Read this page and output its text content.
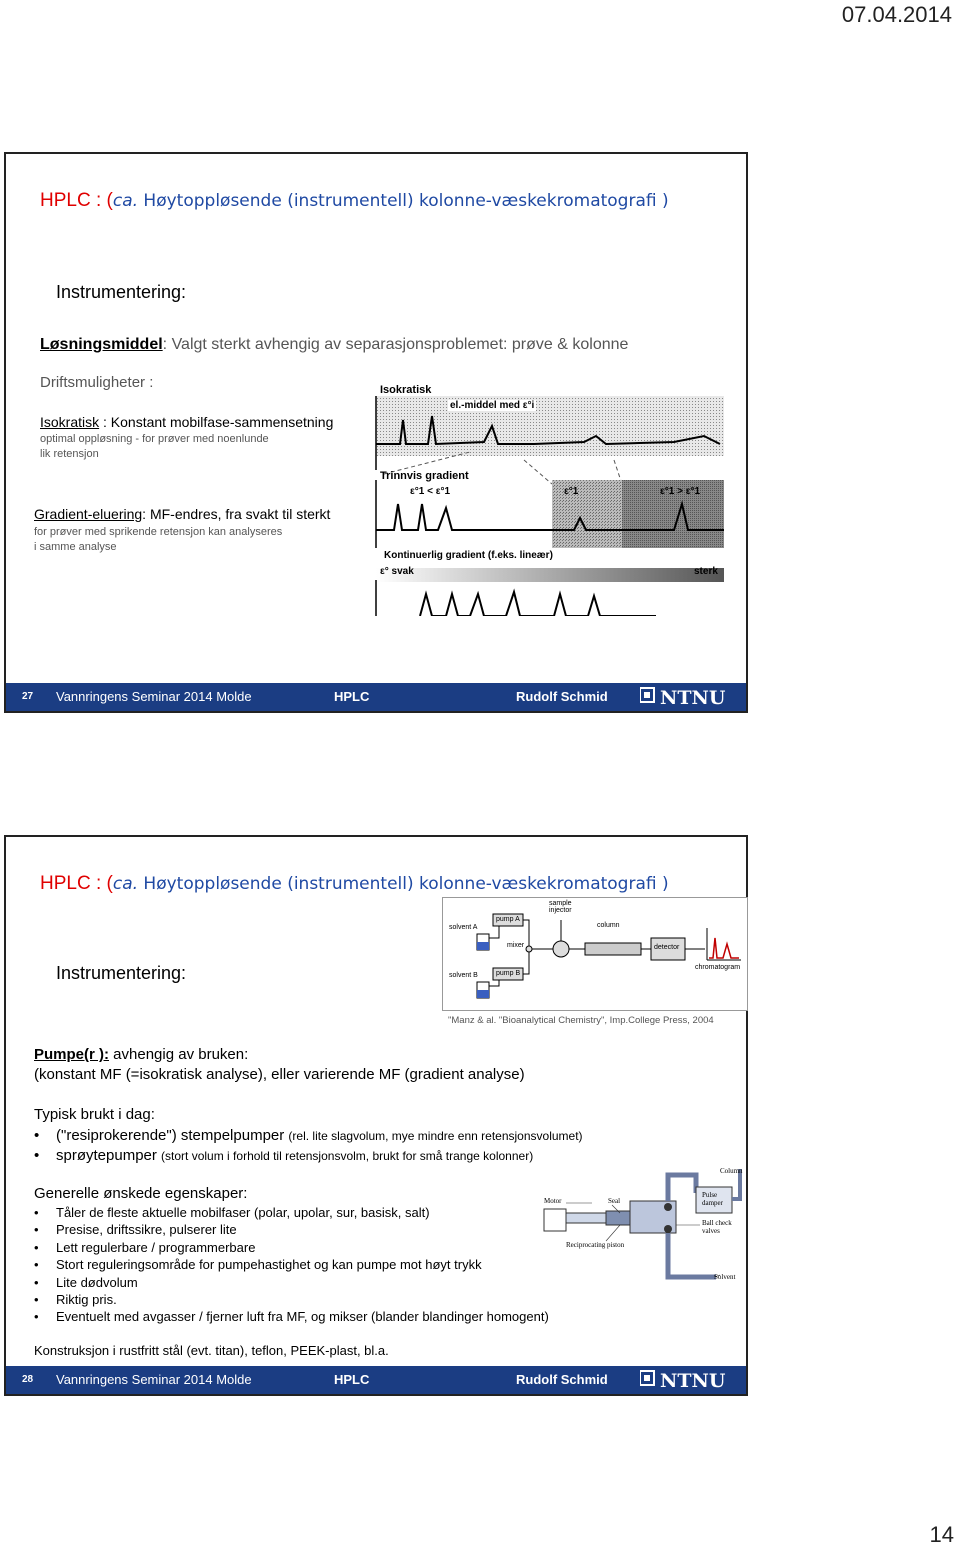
07.04.2014
HPLC : (ca. Høytoppløsende (instrumentell) kolonne-væskekromatografi )
Instrumentering:
Løsningsmiddel: Valgt sterkt avhengig av separasjonsproblemet: prøve & kolonne
Driftsmuligheter :
Isokratisk : Konstant mobilfase-sammensetning
optimal oppløsning - for prøver med noenlunde
lik retensjon
Gradient-eluering: MF-endres, fra svakt til sterkt
for prøver med sprikende retensjon kan analyseres
i samme analyse
Isokratisk
el.-middel med ε°i
Trinnvis gradient
ε°1 < ε°1	ε°1	ε°1 > ε°1
Kontinuerlig gradient (f.eks. lineær)
ε° svak	sterk
27 Vannringens Seminar 2014 Molde	HPLC	Rudolf Schmid	NTNU
HPLC : (ca. Høytoppløsende (instrumentell) kolonne-væskekromatografi )
Instrumentering:
solvent A
solvent B
pump A
pump B
mixer
sample injector
column
detector
chromatogram
"Manz & al. "Bioanalytical Chemistry", Imp.College Press, 2004
Pumpe(r ): avhengig av bruken:
(konstant MF (=isokratisk analyse), eller varierende MF (gradient analyse)
Typisk brukt i dag:
• ("resiprokerende") stempelpumper (rel. lite slagvolum, mye mindre enn retensjonsvolumet)
• sprøytepumper (stort volum i forhold til retensjonsvolm, brukt for små trange kolonner)
Generelle ønskede egenskaper:
• Tåler de fleste aktuelle mobilfaser (polar, upolar, sur, basisk, salt)
• Presise, driftssikre, pulserer lite
• Lett regulerbare / programmerbare
• Stort reguleringsområde for pumpehastighet og kan pumpe mot høyt trykk
• Lite dødvolum
• Riktig pris.
• Eventuelt med avgasser / fjerner luft fra MF, og mikser (blander blandinger homogent)
Konstruksjon i rustfritt stål (evt. titan), teflon, PEEK-plast, bl.a.
Column
Pulse damper
Motor	Seal
Ball check valves
Reciprocating piston
Solvent
28 Vannringens Seminar 2014 Molde	HPLC	Rudolf Schmid	NTNU
14
